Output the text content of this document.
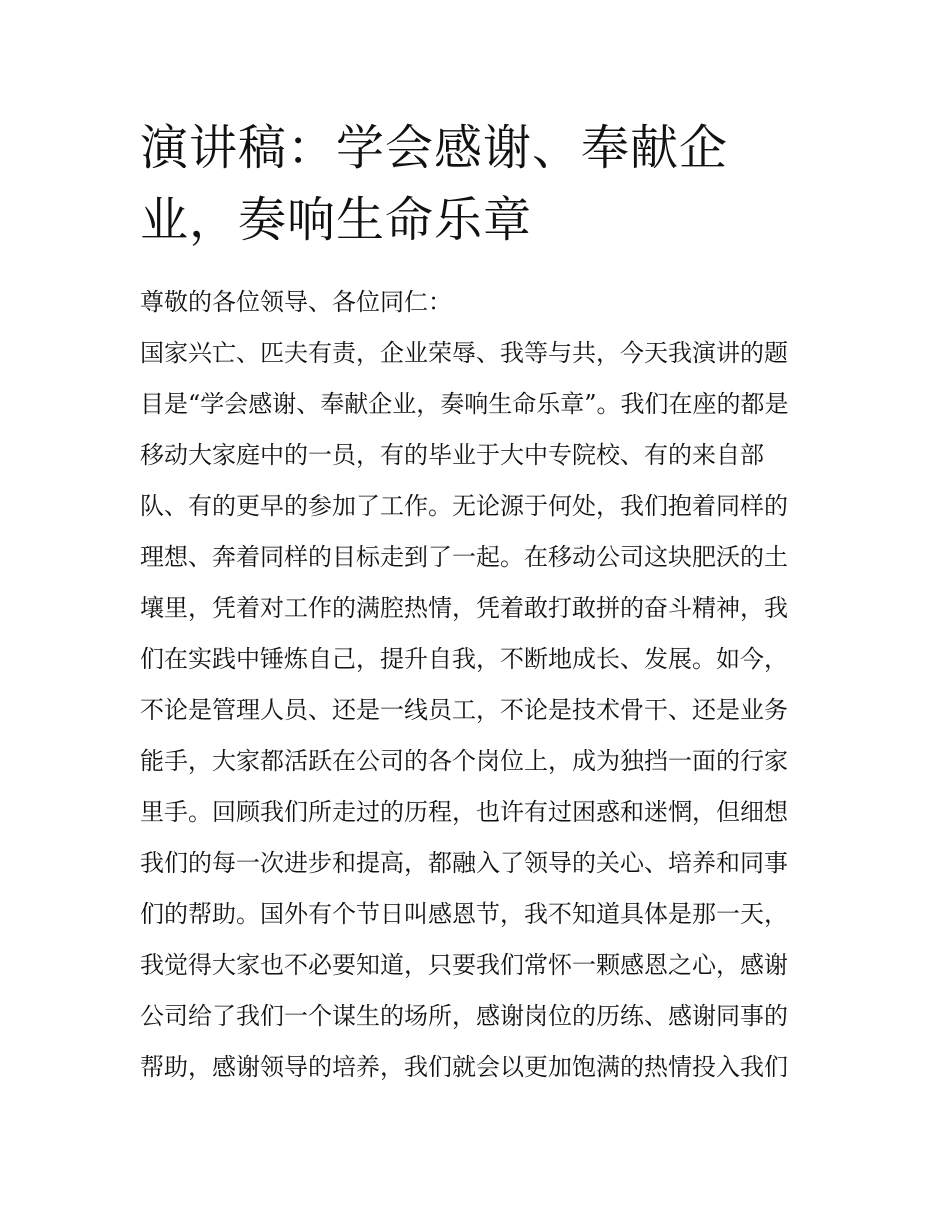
演讲稿：学会感谢、奉献企
业，奏响生命乐章
尊敬的各位领导、各位同仁：
国家兴亡、匹夫有责，企业荣辱、我等与共，今天我演讲的题
目是“学会感谢、奉献企业，奏响生命乐章”。我们在座的都是
移动大家庭中的一员，有的毕业于大中专院校、有的来自部
队、有的更早的参加了工作。无论源于何处，我们抱着同样的
理想、奔着同样的目标走到了一起。在移动公司这块肥沃的土
壤里，凭着对工作的满腔热情，凭着敢打敢拼的奋斗精神，我
们在实践中锤炼自己，提升自我，不断地成长、发展。如今，
不论是管理人员、还是一线员工，不论是技术骨干、还是业务
能手，大家都活跃在公司的各个岗位上，成为独挡一面的行家
里手。回顾我们所走过的历程，也许有过困惑和迷惘，但细想
我们的每一次进步和提高，都融入了领导的关心、培养和同事
们的帮助。国外有个节日叫感恩节，我不知道具体是那一天，
我觉得大家也不必要知道，只要我们常怀一颗感恩之心，感谢
公司给了我们一个谋生的场所，感谢岗位的历练、感谢同事的
帮助，感谢领导的培养，我们就会以更加饱满的热情投入我们
